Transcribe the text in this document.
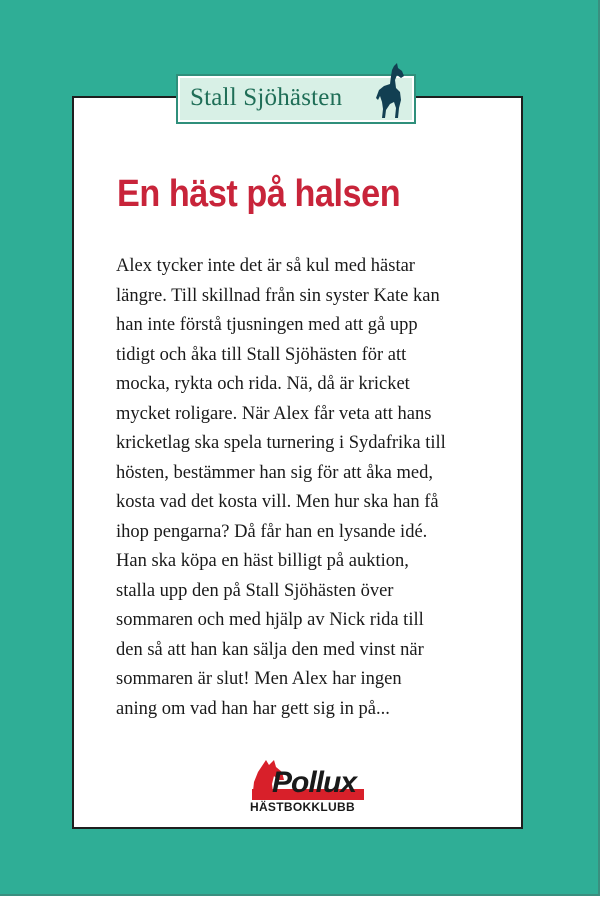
Stall Sjöhästen
En häst på halsen
Alex tycker inte det är så kul med hästar
längre. Till skillnad från sin syster Kate kan
han inte förstå tjusningen med att gå upp
tidigt och åka till Stall Sjöhästen för att
mocka, rykta och rida. Nä, då är kricket
mycket roligare. När Alex får veta att hans
kricketlag ska spela turnering i Sydafrika till
hösten, bestämmer han sig för att åka med,
kosta vad det kosta vill. Men hur ska han få
ihop pengarna? Då får han en lysande idé.
Han ska köpa en häst billigt på auktion,
stalla upp den på Stall Sjöhästen över
sommaren och med hjälp av Nick rida till
den så att han kan sälja den med vinst när
sommaren är slut! Men Alex har ingen
aning om vad han har gett sig in på...
Pollux
HÄSTBOKKLUBB
